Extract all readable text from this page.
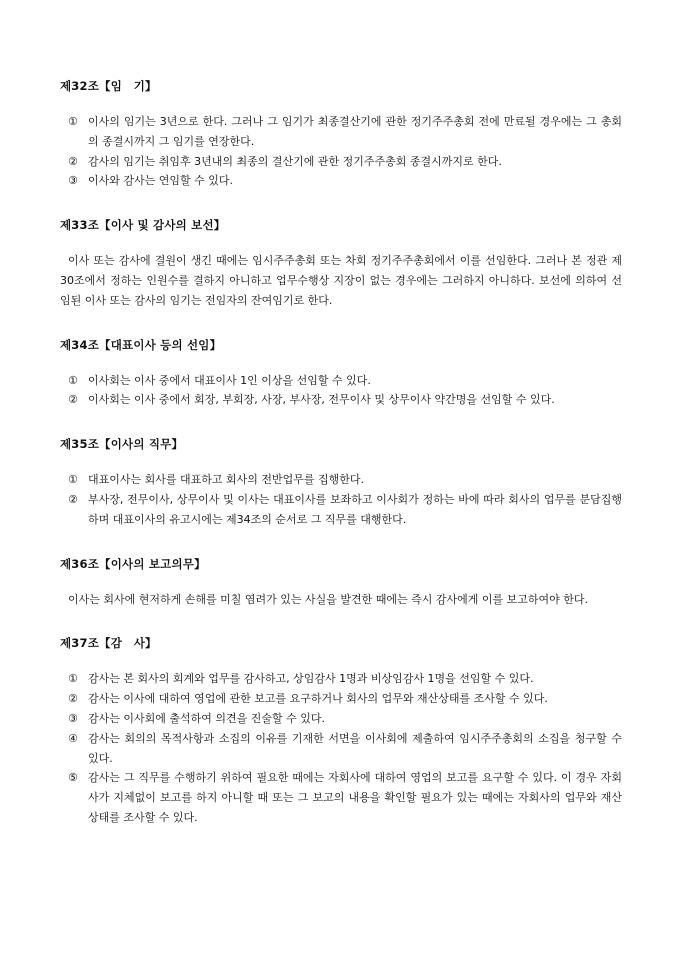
제32조【임　기】
① 이사의 임기는 3년으로 한다. 그러나 그 임기가 최종결산기에 관한 정기주주총회 전에 만료될 경우에는 그 총회의 종결시까지 그 임기를 연장한다.
② 감사의 임기는 취임후 3년내의 최종의 결산기에 관한 정기주주총회 종결시까지로 한다.
③ 이사와 감사는 연임할 수 있다.
제33조【이사 및 감사의 보선】

이사 또는 감사에 결원이 생긴 때에는 임시주주총회 또는 차회 정기주주총회에서 이를 선임한다. 그러나 본 정관 제30조에서 정하는 인원수를 결하지 아니하고 업무수행상 지장이 없는 경우에는 그러하지 아니하다. 보선에 의하여 선임된 이사 또는 감사의 임기는 전임자의 잔여임기로 한다.

제34조【대표이사 등의 선임】
① 이사회는 이사 중에서 대표이사 1인 이상을 선임할 수 있다.
② 이사회는 이사 중에서 회장, 부회장, 사장, 부사장, 전무이사 및 상무이사 약간명을 선임할 수 있다.
제35조【이사의 직무】
① 대표이사는 회사를 대표하고 회사의 전반업무를 집행한다.
② 부사장, 전무이사, 상무이사 및 이사는 대표이사를 보좌하고 이사회가 정하는 바에 따라 회사의 업무를 분담집행하며 대표이사의 유고시에는 제34조의 순서로 그 직무를 대행한다.
제36조【이사의 보고의무】

이사는 회사에 현저하게 손해를 미칠 염려가 있는 사실을 발견한 때에는 즉시 감사에게 이를 보고하여야 한다.

제37조【감　사】
① 감사는 본 회사의 회계와 업무를 감사하고, 상임감사 1명과 비상임감사 1명을 선임할 수 있다.
② 감사는 이사에 대하여 영업에 관한 보고를 요구하거나 회사의 업무와 재산상태를 조사할 수 있다.
③ 감사는 이사회에 출석하여 의견을 진술할 수 있다.
④ 감사는 회의의 목적사항과 소집의 이유를 기재한 서면을 이사회에 제출하여 임시주주총회의 소집을 청구할 수 있다.
⑤ 감사는 그 직무를 수행하기 위하여 필요한 때에는 자회사에 대하여 영업의 보고를 요구할 수 있다. 이 경우 자회사가 지체없이 보고를 하지 아니할 때 또는 그 보고의 내용을 확인할 필요가 있는 때에는 자회사의 업무와 재산상태를 조사할 수 있다.
